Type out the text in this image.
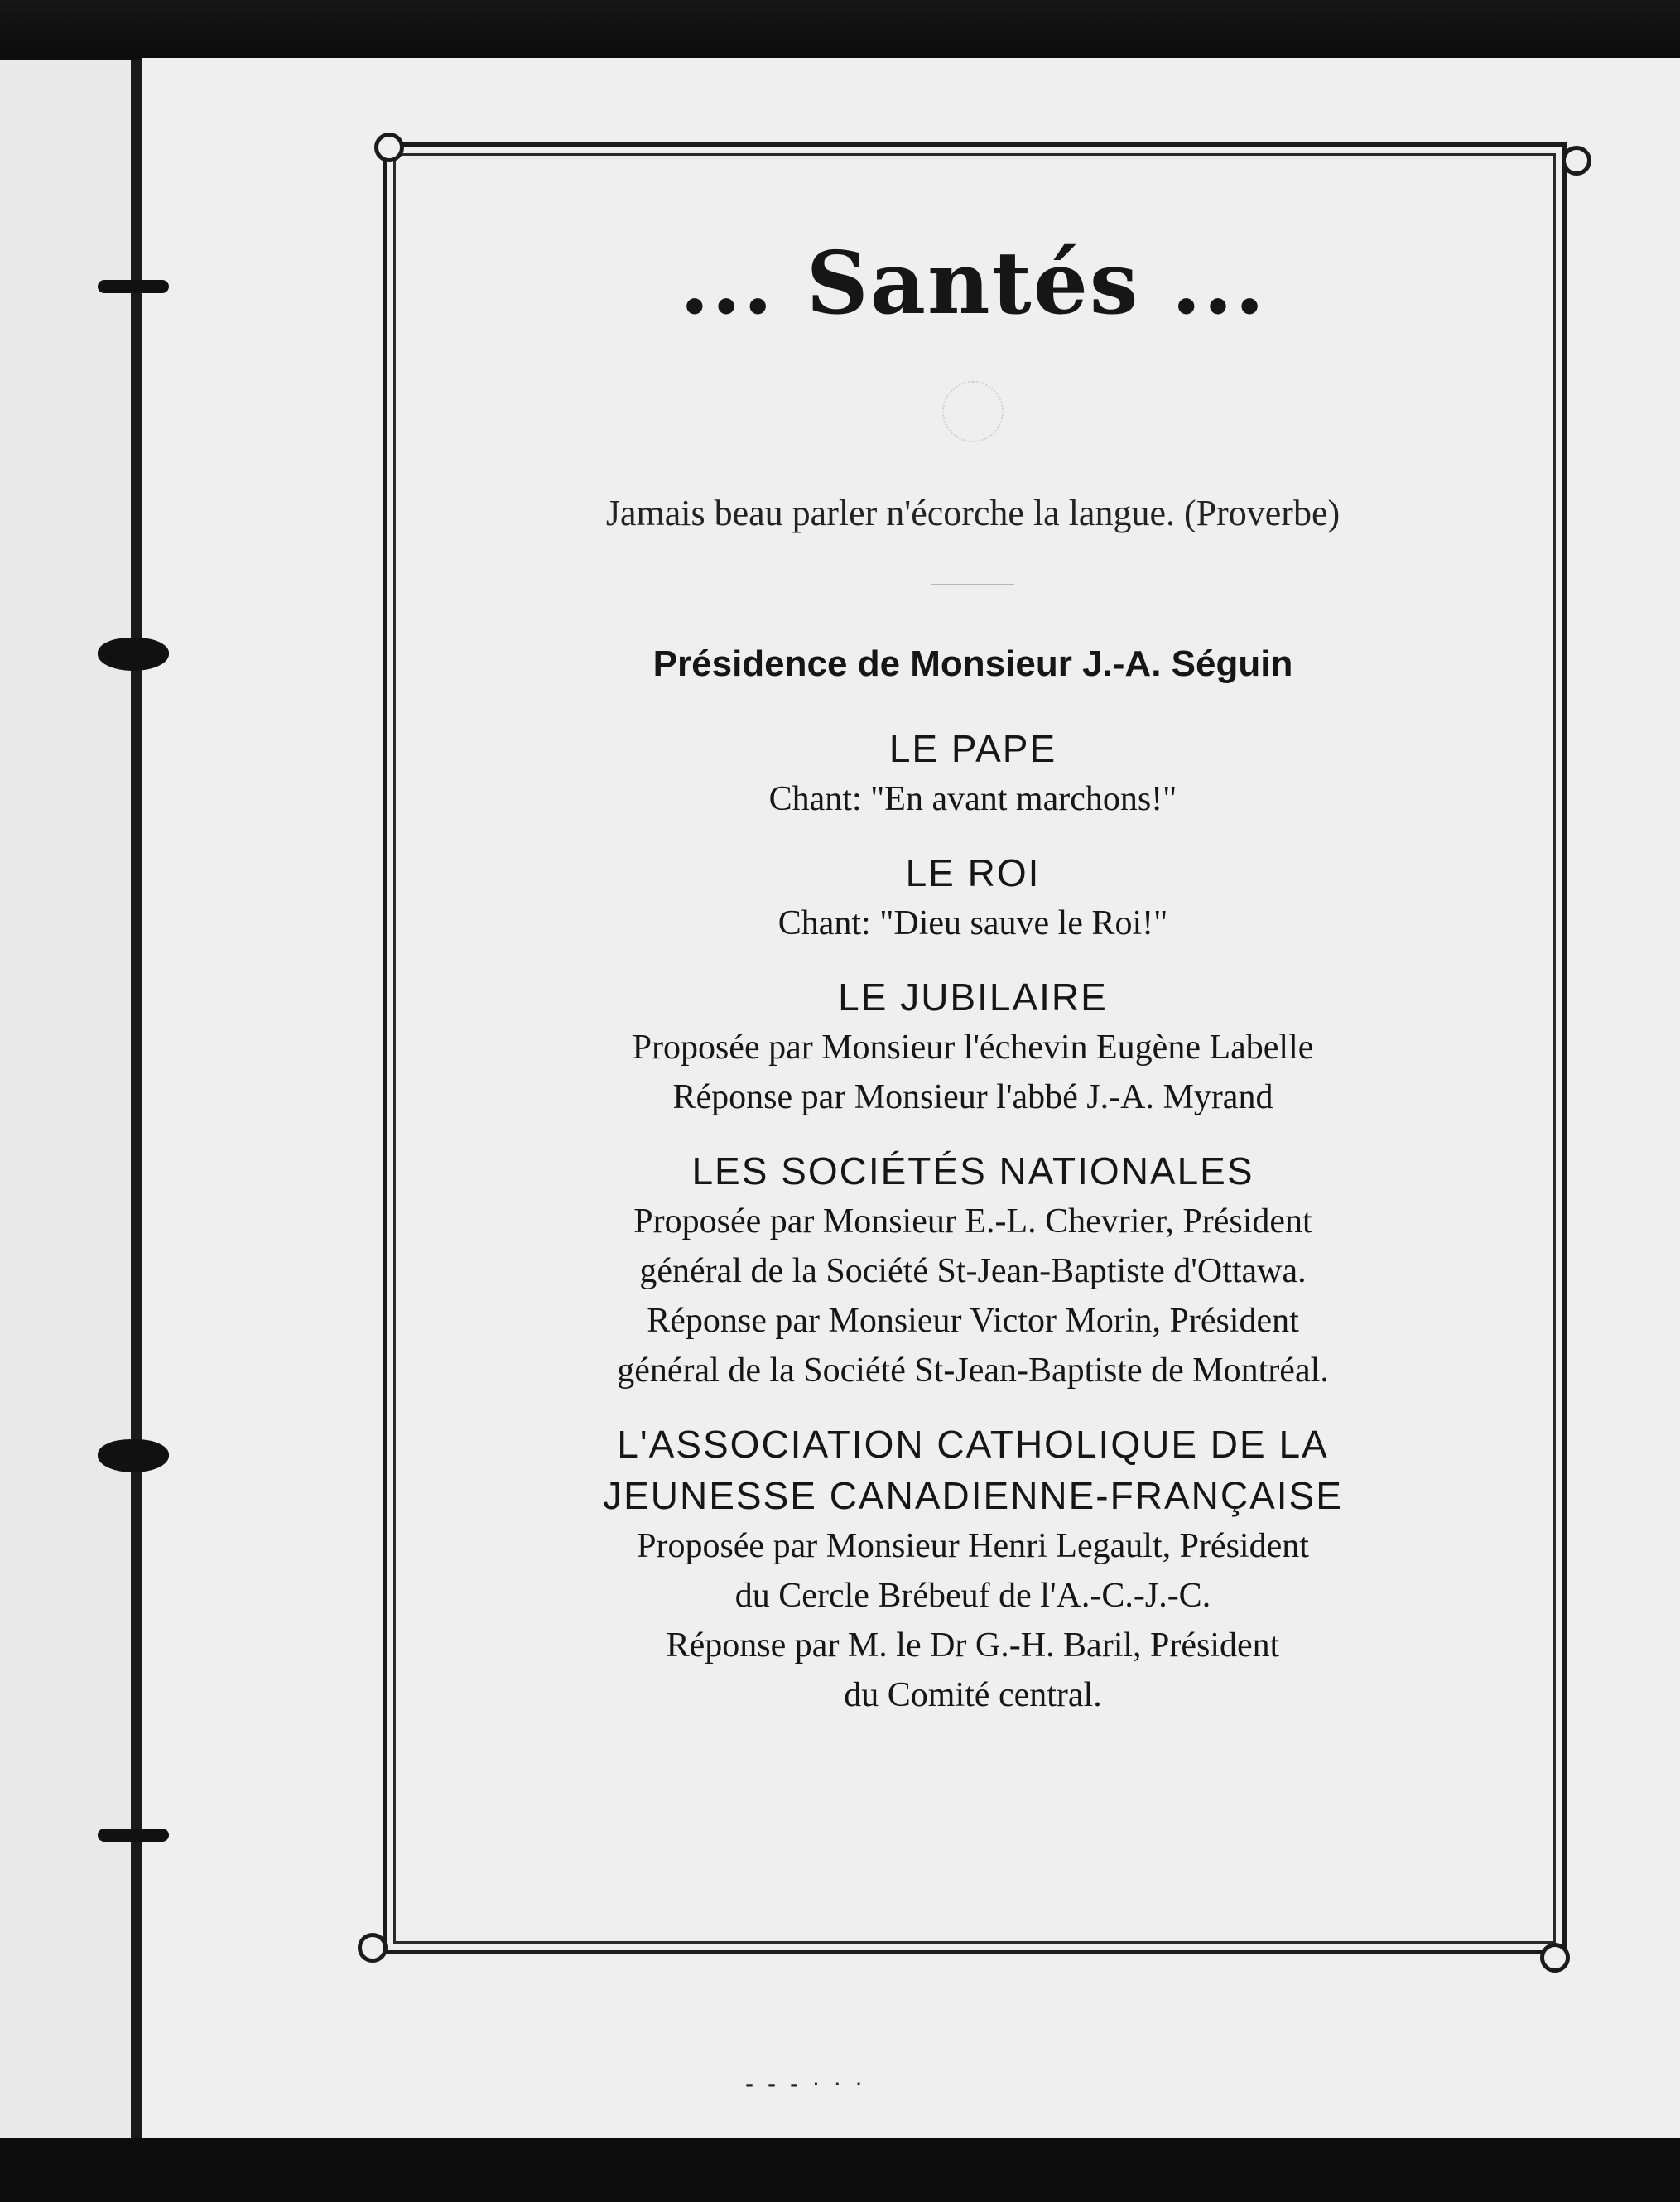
... Santés ...
Jamais beau parler n'écorche la langue. (Proverbe)
Présidence de Monsieur J.-A. Séguin
LE PAPE
Chant: "En avant marchons!"
LE ROI
Chant: "Dieu sauve le Roi!"
LE JUBILAIRE
Proposée par Monsieur l'échevin Eugène Labelle
Réponse par Monsieur l'abbé J.-A. Myrand
LES SOCIÉTÉS NATIONALES
Proposée par Monsieur E.-L. Chevrier, Président
général de la Société St-Jean-Baptiste d'Ottawa.
Réponse par Monsieur Victor Morin, Président
général de la Société St-Jean-Baptiste de Montréal.
L'ASSOCIATION CATHOLIQUE DE LA
JEUNESSE CANADIENNE-FRANÇAISE
Proposée par Monsieur Henri Legault, Président
du Cercle Brébeuf de l'A.-C.-J.-C.
Réponse par M. le Dr G.-H. Baril, Président
du Comité central.
- - - · · ·
